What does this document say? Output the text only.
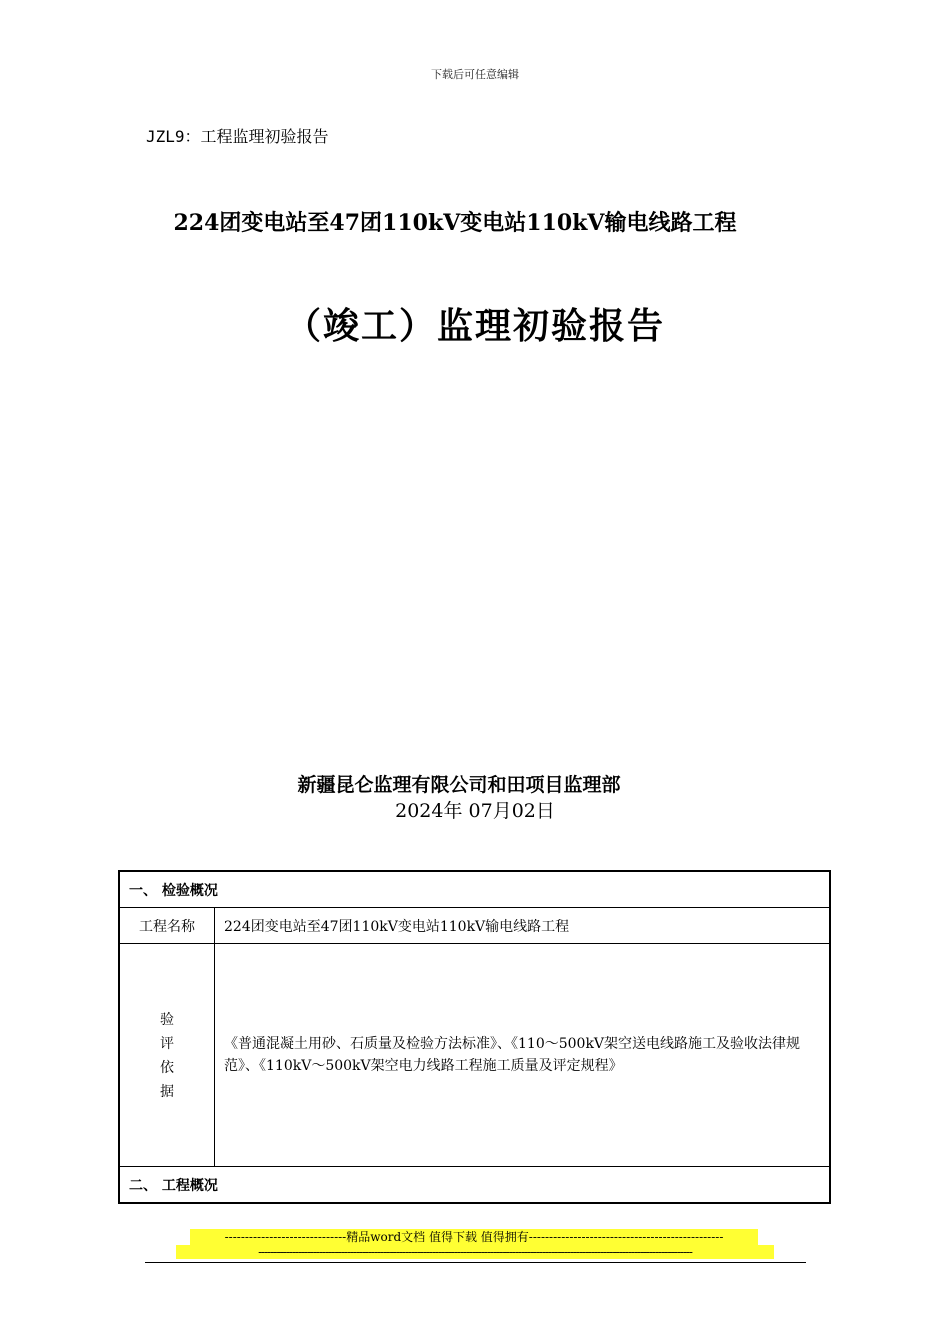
下载后可任意编辑
JZL9：工程监理初验报告
224团变电站至47团110kV变电站110kV输电线路工程
（竣工）监理初验报告
新疆昆仑监理有限公司和田项目监理部
2024年 07月02日
一、 检验概况	
工程名称	224团变电站至47团110kV变电站110kV输电线路工程

验
评
依
据	《普通混凝土用砂、石质量及检验方法标准》、《110～500kV架空送电线路施工及验收法律规范》、《110kV～500kV架空电力线路工程施工质量及评定规程》
二、 工程概况	
------------------------------精品word文档 值得下载 值得拥有------------------------------------------------
----------------------------------------------------------------------------------------------------------------------------------------------
